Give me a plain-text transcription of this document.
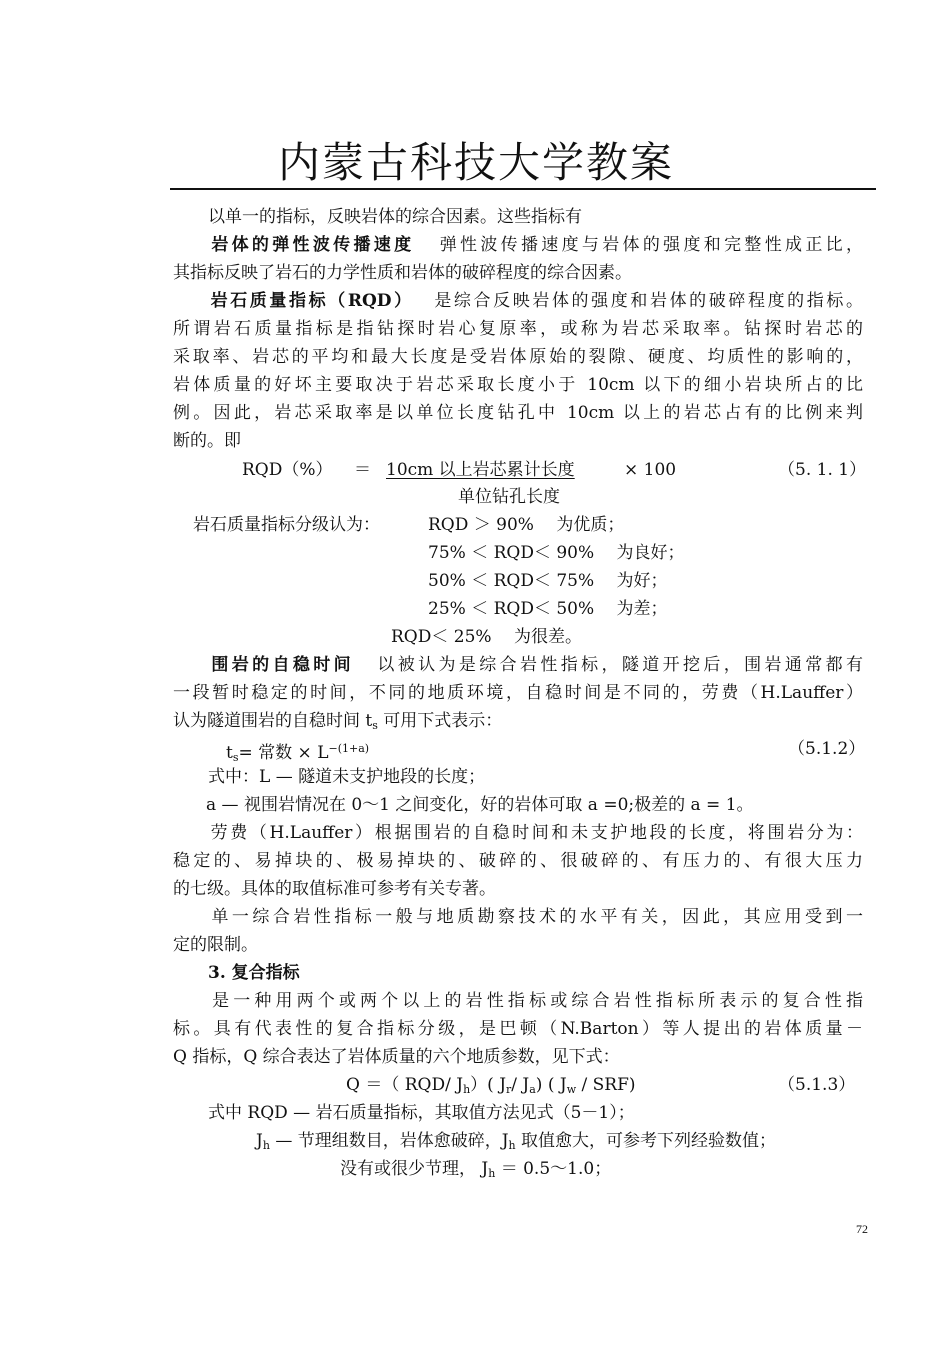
内蒙古科技大学教案
以单一的指标，反映岩体的综合因素。这些指标有
岩体的弹性波传播速度 弹性波传播速度与岩体的强度和完整性成正比，
其指标反映了岩石的力学性质和岩体的破碎程度的综合因素。
岩石质量指标（RQD） 是综合反映岩体的强度和岩体的破碎程度的指标。
所谓岩石质量指标是指钻探时岩心复原率，或称为岩芯采取率。钻探时岩芯的
采取率、岩芯的平均和最大长度是受岩体原始的裂隙、硬度、均质性的影响的，
岩体质量的好坏主要取决于岩芯采取长度小于 10cm 以下的细小岩块所占的比
例。因此，岩芯采取率是以单位长度钻孔中 10cm 以上的岩芯占有的比例来判
断的。即
RQD（%） ＝ 10cm 以上岩芯累计长度	× 100	（5. 1. 1）
单位钻孔长度
岩石质量指标分级认为：	RQD ＞ 90%　 为优质；
75% ＜ RQD＜ 90%　 为良好；
50% ＜ RQD＜ 75%　 为好；
25% ＜ RQD＜ 50%　 为差；
RQD＜ 25%　 为很差。
围岩的自稳时间 以被认为是综合岩性指标，隧道开挖后，围岩通常都有
一段暂时稳定的时间，不同的地质环境，自稳时间是不同的，劳费（H.Lauffer）
认为隧道围岩的自稳时间 $t_s$ 可用下式表示：
$t_s=$ 常数 × $L^{-(1+a)}$	（5.1.2）
式中：L — 隧道未支护地段的长度；
a — 视围岩情况在 0～1 之间变化，好的岩体可取 a =0;极差的 a = 1。
劳费（H.Lauffer）根据围岩的自稳时间和未支护地段的长度，将围岩分为：
稳定的、易掉块的、极易掉块的、破碎的、很破碎的、有压力的、有很大压力
的七级。具体的取值标准可参考有关专著。
单一综合岩性指标一般与地质勘察技术的水平有关，因此，其应用受到一
定的限制。
3. 复合指标
是一种用两个或两个以上的岩性指标或综合岩性指标所表示的复合性指
标。具有代表性的复合指标分级，是巴顿（N.Barton）等人提出的岩体质量－
Q 指标，Q 综合表达了岩体质量的六个地质参数，见下式：
Q ＝（ RQD/ $J_h$）( $J_r/$ $J_a$) ( $J_w / SRF$)	（5.1.3）
式中 RQD — 岩石质量指标，其取值方法见式（5－1）；
$J_h$ — 节理组数目，岩体愈破碎，$J_h$ 取值愈大，可参考下列经验数值；
没有或很少节理， $J_h$ ＝ 0.5～1.0；
72
